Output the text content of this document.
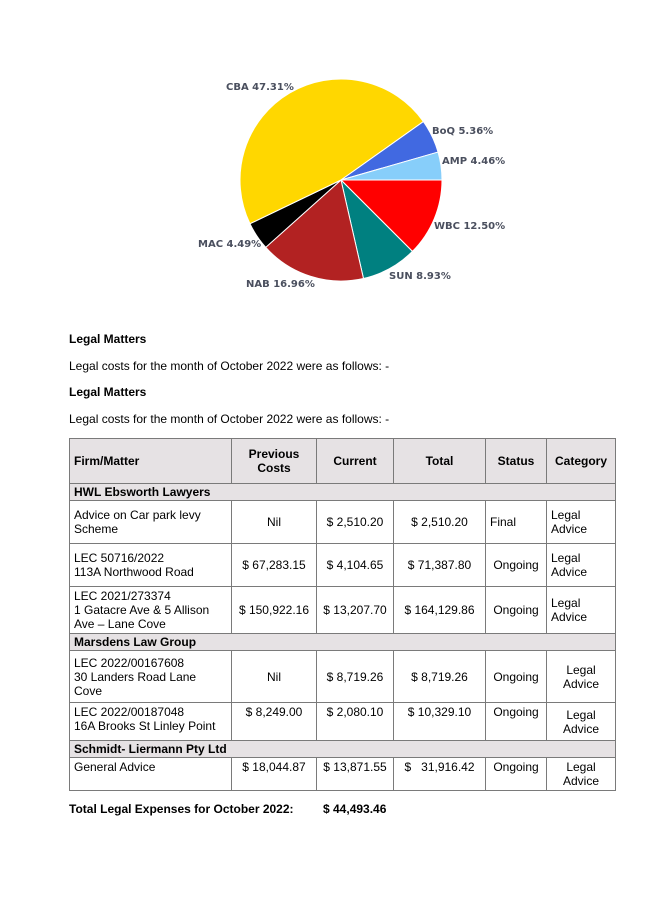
WBC 12.50%
SUN 8.93%
NAB 16.96%
MAC 4.49%
CBA 47.31%
BoQ 5.36%
AMP 4.46%
Legal Matters
Legal costs for the month of October 2022 were as follows: -
Legal Matters
Legal costs for the month of October 2022 were as follows: -
Firm/Matter	Previous Costs	Current	Total	Status	Category
HWL Ebsworth Lawyers					
Advice on Car park levy Scheme	Nil	$ 2,510.20	$ 2,510.20	Final	Legal Advice
LEC 50716/2022
113A Northwood Road	$ 67,283.15	$ 4,104.65	$ 71,387.80	Ongoing	Legal Advice
LEC 2021/273374
1 Gatacre Ave & 5 Allison Ave – Lane Cove	$ 150,922.16	$ 13,207.70	$ 164,129.86	Ongoing	Legal Advice
Marsdens Law Group					
LEC 2022/00167608
30 Landers Road Lane Cove	Nil	$ 8,719.26	$ 8,719.26	Ongoing	Legal Advice
LEC 2022/00187048
16A Brooks St Linley Point	$ 8,249.00	$ 2,080.10	$ 10,329.10	Ongoing	Legal Advice
Schmidt- Liermann Pty Ltd					
General Advice	$ 18,044.87	$ 13,871.55	$   31,916.42	Ongoing	Legal Advice
Total Legal Expenses for October 2022: $ 44,493.46
